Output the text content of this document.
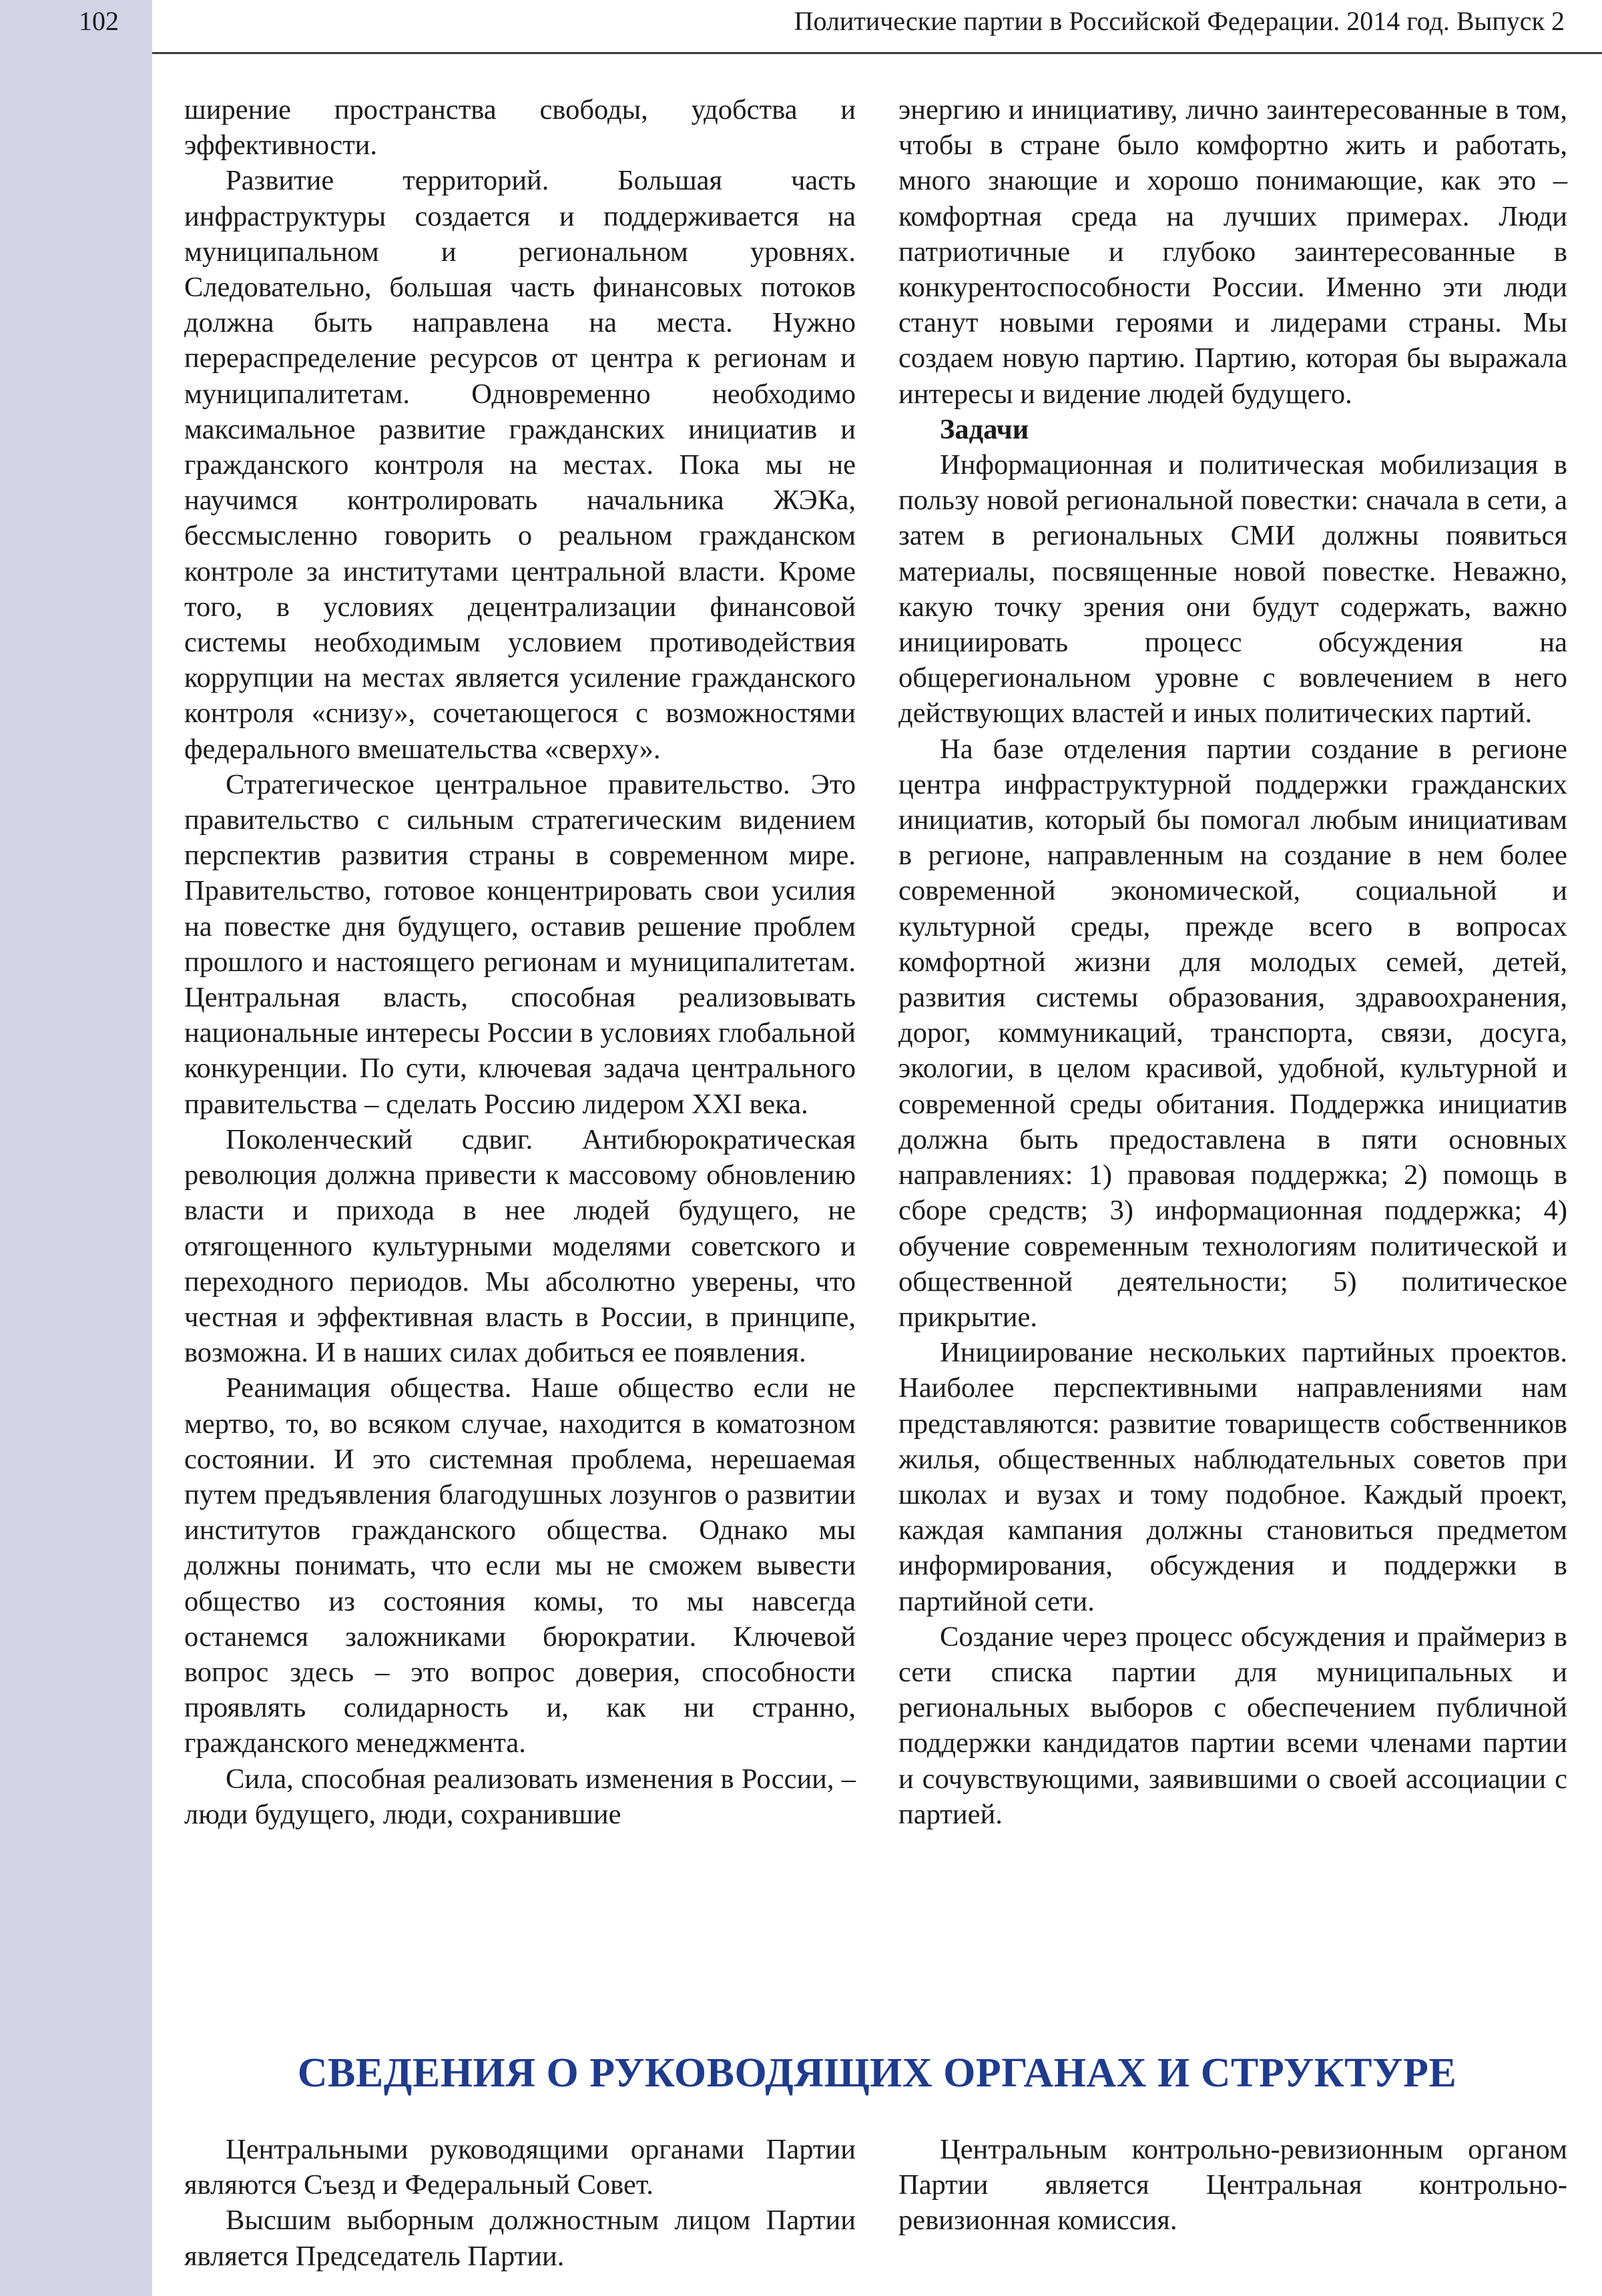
102	Политические партии в Российской Федерации. 2014 год. Выпуск 2

ширение пространства свободы, удобства и эффективности.

Развитие территорий. Большая часть инфраструктуры создается и поддерживается на муниципальном и региональном уровнях. Следовательно, большая часть финансовых потоков должна быть направлена на места. Нужно перераспределение ресурсов от центра к регионам и муниципалитетам. Одновременно необходимо максимальное развитие гражданских инициатив и гражданского контроля на местах. Пока мы не научимся контролировать начальника ЖЭКа, бессмысленно говорить о реальном гражданском контроле за институтами центральной власти. Кроме того, в условиях децентрализации финансовой системы необходимым условием противодействия коррупции на местах является усиление гражданского контроля «снизу», сочетающегося с возможностями федерального вмешательства «сверху».

Стратегическое центральное правительство. Это правительство с сильным стратегическим видением перспектив развития страны в современном мире. Правительство, готовое концентрировать свои усилия на повестке дня будущего, оставив решение проблем прошлого и настоящего регионам и муниципалитетам. Центральная власть, способная реализовывать национальные интересы России в условиях глобальной конкуренции. По сути, ключевая задача центрального правительства – сделать Россию лидером XXI века.

Поколенческий сдвиг. Антибюрократическая революция должна привести к массовому обновлению власти и прихода в нее людей будущего, не отягощенного культурными моделями советского и переходного периодов. Мы абсолютно уверены, что честная и эффективная власть в России, в принципе, возможна. И в наших силах добиться ее появления.

Реанимация общества. Наше общество если не мертво, то, во всяком случае, находится в коматозном состоянии. И это системная проблема, нерешаемая путем предъявления благодушных лозунгов о развитии институтов гражданского общества. Однако мы должны понимать, что если мы не сможем вывести общество из состояния комы, то мы навсегда останемся заложниками бюрократии. Ключевой вопрос здесь – это вопрос доверия, способности проявлять солидарность и, как ни странно, гражданского менеджмента.

Сила, способная реализовать изменения в России, – люди будущего, люди, сохранившие

энергию и инициативу, лично заинтересованные в том, чтобы в стране было комфортно жить и работать, много знающие и хорошо понимающие, как это – комфортная среда на лучших примерах. Люди патриотичные и глубоко заинтересованные в конкурентоспособности России. Именно эти люди станут новыми героями и лидерами страны. Мы создаем новую партию. Партию, которая бы выражала интересы и видение людей будущего.

Задачи

Информационная и политическая мобилизация в пользу новой региональной повестки: сначала в сети, а затем в региональных СМИ должны появиться материалы, посвященные новой повестке. Неважно, какую точку зрения они будут содержать, важно инициировать процесс обсуждения на общерегиональном уровне с вовлечением в него действующих властей и иных политических партий.

На базе отделения партии создание в регионе центра инфраструктурной поддержки гражданских инициатив, который бы помогал любым инициативам в регионе, направленным на создание в нем более современной экономической, социальной и культурной среды, прежде всего в вопросах комфортной жизни для молодых семей, детей, развития системы образования, здравоохранения, дорог, коммуникаций, транспорта, связи, досуга, экологии, в целом красивой, удобной, культурной и современной среды обитания. Поддержка инициатив должна быть предоставлена в пяти основных направлениях: 1) правовая поддержка; 2) помощь в сборе средств; 3) информационная поддержка; 4) обучение современным технологиям политической и общественной деятельности; 5) политическое прикрытие.

Инициирование нескольких партийных проектов. Наиболее перспективными направлениями нам представляются: развитие товариществ собственников жилья, общественных наблюдательных советов при школах и вузах и тому подобное. Каждый проект, каждая кампания должны становиться предметом информирования, обсуждения и поддержки в партийной сети.

Создание через процесс обсуждения и праймериз в сети списка партии для муниципальных и региональных выборов с обеспечением публичной поддержки кандидатов партии всеми членами партии и сочувствующими, заявившими о своей ассоциации с партией.

СВЕДЕНИЯ О РУКОВОДЯЩИХ ОРГАНАХ И СТРУКТУРЕ

Центральными руководящими органами Партии являются Съезд и Федеральный Совет.

Высшим выборным должностным лицом Партии является Председатель Партии.

Центральным контрольно-ревизионным органом Партии является Центральная контрольно-ревизионная комиссия.
